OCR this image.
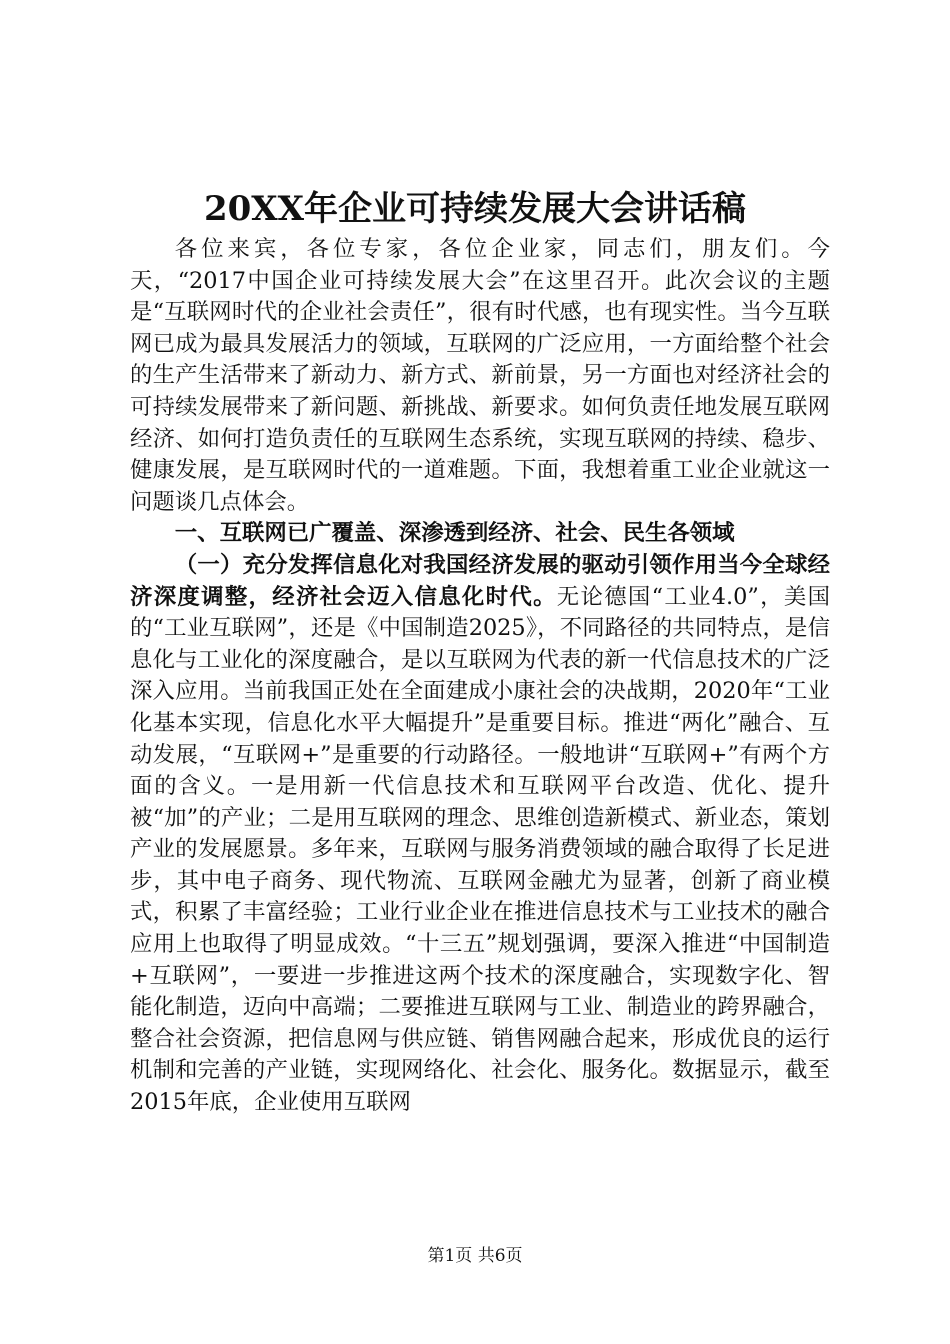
20XX年企业可持续发展大会讲话稿

各位来宾，各位专家，各位企业家，同志们，朋友们。今天，“2017中国企业可持续发展大会”在这里召开。此次会议的主题是“互联网时代的企业社会责任”，很有时代感，也有现实性。当今互联网已成为最具发展活力的领域，互联网的广泛应用，一方面给整个社会的生产生活带来了新动力、新方式、新前景，另一方面也对经济社会的可持续发展带来了新问题、新挑战、新要求。如何负责任地发展互联网经济、如何打造负责任的互联网生态系统，实现互联网的持续、稳步、健康发展，是互联网时代的一道难题。下面，我想着重工业企业就这一问题谈几点体会。

一、互联网已广覆盖、深渗透到经济、社会、民生各领域

（一）充分发挥信息化对我国经济发展的驱动引领作用当今全球经济深度调整，经济社会迈入信息化时代。无论德国“工业4.0”，美国的“工业互联网”，还是《中国制造2025》，不同路径的共同特点，是信息化与工业化的深度融合，是以互联网为代表的新一代信息技术的广泛深入应用。当前我国正处在全面建成小康社会的决战期，2020年“工业化基本实现，信息化水平大幅提升”是重要目标。推进“两化”融合、互动发展，“互联网+”是重要的行动路径。一般地讲“互联网+”有两个方面的含义。一是用新一代信息技术和互联网平台改造、优化、提升被“加”的产业；二是用互联网的理念、思维创造新模式、新业态，策划产业的发展愿景。多年来，互联网与服务消费领域的融合取得了长足进步，其中电子商务、现代物流、互联网金融尤为显著，创新了商业模式，积累了丰富经验；工业行业企业在推进信息技术与工业技术的融合应用上也取得了明显成效。“十三五”规划强调，要深入推进“中国制造+互联网”，一要进一步推进这两个技术的深度融合，实现数字化、智能化制造，迈向中高端；二要推进互联网与工业、制造业的跨界融合，整合社会资源，把信息网与供应链、销售网融合起来，形成优良的运行机制和完善的产业链，实现网络化、社会化、服务化。数据显示，截至2015年底，企业使用互联网

第1页 共6页
